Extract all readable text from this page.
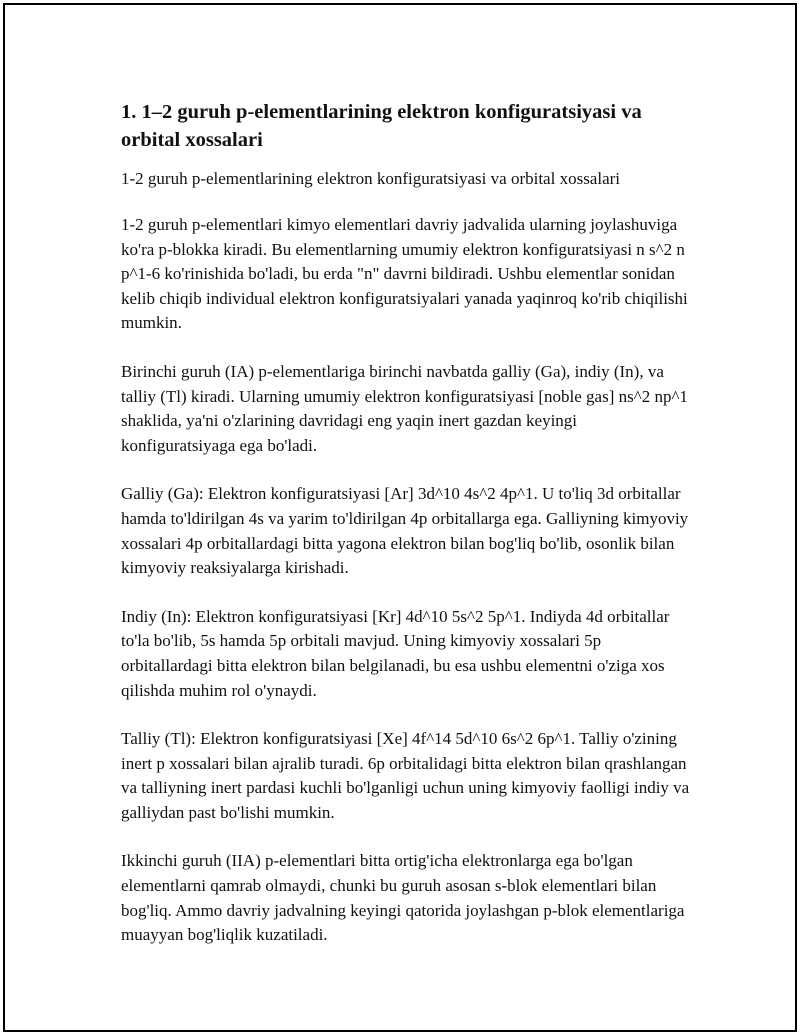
1. 1–2 guruh p-elementlarining elektron konfiguratsiyasi va orbital xossalari

1-2 guruh p-elementlarining elektron konfiguratsiyasi va orbital xossalari

1-2 guruh p-elementlari kimyo elementlari davriy jadvalida ularning joylashuviga ko'ra p-blokka kiradi. Bu elementlarning umumiy elektron konfiguratsiyasi n s^2 n p^1-6 ko'rinishida bo'ladi, bu erda "n" davrni bildiradi. Ushbu elementlar sonidan kelib chiqib individual elektron konfiguratsiyalari yanada yaqinroq ko'rib chiqilishi mumkin.

Birinchi guruh (IA) p-elementlariga birinchi navbatda galliy (Ga), indiy (In), va talliy (Tl) kiradi. Ularning umumiy elektron konfiguratsiyasi [noble gas] ns^2 np^1 shaklida, ya'ni o'zlarining davridagi eng yaqin inert gazdan keyingi konfiguratsiyaga ega bo'ladi.

Galliy (Ga): Elektron konfiguratsiyasi [Ar] 3d^10 4s^2 4p^1. U to'liq 3d orbitallar hamda to'ldirilgan 4s va yarim to'ldirilgan 4p orbitallarga ega. Galliyning kimyoviy xossalari 4p orbitallardagi bitta yagona elektron bilan bog'liq bo'lib, osonlik bilan kimyoviy reaksiyalarga kirishadi.

Indiy (In): Elektron konfiguratsiyasi [Kr] 4d^10 5s^2 5p^1. Indiyda 4d orbitallar to'la bo'lib, 5s hamda 5p orbitali mavjud. Uning kimyoviy xossalari 5p orbitallardagi bitta elektron bilan belgilanadi, bu esa ushbu elementni o'ziga xos qilishda muhim rol o'ynaydi.

Talliy (Tl): Elektron konfiguratsiyasi [Xe] 4f^14 5d^10 6s^2 6p^1. Talliy o'zining inert p xossalari bilan ajralib turadi. 6p orbitalidagi bitta elektron bilan qrashlangan va talliyning inert pardasi kuchli bo'lganligi uchun uning kimyoviy faolligi indiy va galliydan past bo'lishi mumkin.

Ikkinchi guruh (IIA) p-elementlari bitta ortig'icha elektronlarga ega bo'lgan elementlarni qamrab olmaydi, chunki bu guruh asosan s-blok elementlari bilan bog'liq. Ammo davriy jadvalning keyingi qatorida joylashgan p-blok elementlariga muayyan bog'liqlik kuzatiladi.
